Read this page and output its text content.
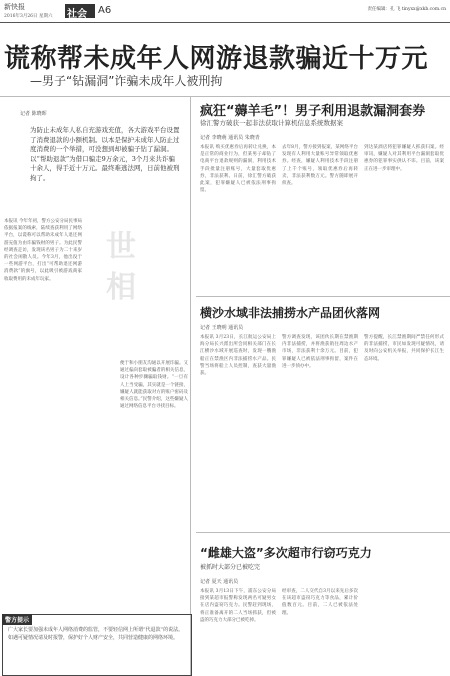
新快报
2016年3月26日 星期六 社会 A6	责任编辑：孔 飞 tinyxx@xkb.com.cn
谎称帮未成年人网游退款骗近十万元
—男子“钻漏洞”诈骗未成年人被刑拘
记者 陈晓晖
为防止未成年人私自充游戏充值，各大游戏平台设置了消费退款的小额机制。以本是保护未成年人防止过度消费的一个举措，可没想到却被骗子钻了漏洞。以“帮助退款”为借口骗走9万余元，3个月来共诈骗十余人，得手近十万元。最终难逃法网，日前他被刑拘了。
本报讯 今年年初，警方公安分局民事局依据报案的线索，陆续查获利用了网络平台，以谎称可以帮助未成年人退还网游充值为由诈骗钱财的男子。为此民警经调查走访，发现该名男子为二十来岁的社会闲散人员。今年3月，他出没于一些网游平台，打出“可帮助退还网游消费款”的旗号，以此吸引被游戏商家收取费用的未成年玩家。	世 相
便于和小朋友沟通以开展诈骗。又通过偏向套取被骗者的相关信息，设计各种步骤骗取钱财。“一旦有人上当受骗，其实就是一个链接，嫌疑人就能获取对方的账户密码及相关信息。”民警介绍，这些嫌疑人通过网络信息平台寻找目标。
疯狂“薅羊毛”！男子利用退款漏洞套券
徐汇警方破获一起非法获取计算机信息系统数据案
记者 李晓萌 通讯员 朱晓青
本报讯 购买优惠券后再转让兑换，本是正常的商业行为，但某男子却钻了电商平台退款规则的漏洞，利用技术手段批量注册账号，大量套取优惠券，非法获利。日前，徐汇警方破获此案，犯罪嫌疑人已被依法刑事拘留。
去年8月，警方接到报案，某网络平台发现有人利用大量账号异常领取优惠券。经查，嫌疑人利用技术手段注册了上千个账号，领取优惠券后再转卖，非法获利数万元。警方随即展开侦查。
到达某酒店将犯罪嫌疑人抓获归案。经审讯，嫌疑人对其利用平台漏洞套取优惠券的犯罪事实供认不讳。目前，该案正在进一步审理中。
横沙水域非法捕捞水产品团伙落网
记者 王晓明 通讯员
本报讯 3月23日，长江航运公安局上海分局长兴派出所会同相关部门在长江横沙水域开展巡查时，发现一艘渔船正在禁渔区内非法捕捞水产品。民警当场将船上人员控制，查获大量渔获。
警方调查发现，该团伙长期在禁渔期内非法捕捞，并将渔获销往周边水产市场，非法获利十余万元。目前，犯罪嫌疑人已被依法刑事拘留，案件在进一步侦办中。
警方提醒，长江禁渔期间严禁任何形式的非法捕捞，市民如发现可疑情况，请及时向公安机关举报，共同保护长江生态环境。
“雌雄大盗”多次超市行窃巧克力
被抓时大部分已被吃完
记者 夏天 通讯员
本报讯 3月13日下午，浦东公安分局接到某超市报警称发现两名可疑男女在店内盗窃巧克力。民警赶到现场，将正准备离开的二人当场抓获，但被盗的巧克力大部分已被吃掉。
经审查，二人交代自3月以来先后多次在该超市盗窃巧克力等食品，累计价值数百元。目前，二人已被依法处理。
警方提示
广大家长要加强未成年人网络消费的监管，不要轻信网上所谓“代退款”的说法。如遇可疑情况请及时报警，保护好个人财产安全，共同营造健康的网络环境。
